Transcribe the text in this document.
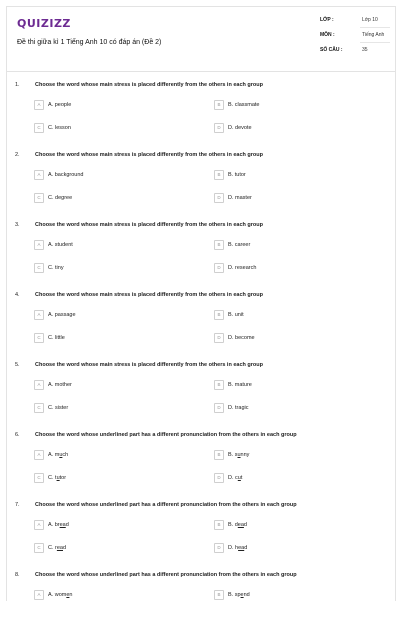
QUIZIZZ
Đề thi giữa kì 1 Tiếng Anh 10 có đáp án (Đề 2)
LỚP :	Lớp 10
MÔN :	Tiếng Anh
SỐ CÂU :	35
1.	Choose the word whose main stress is placed differently from the others in each group
A	A. people	B	B. classmate
C	C. lesson	D	D. devote
2.	Choose the word whose main stress is placed differently from the others in each group
A	A. background	B	B. tutor
C	C. degree	D	D. master
3.	Choose the word whose main stress is placed differently from the others in each group
A	A. student	B	B. career
C	C. tiny	D	D. research
4.	Choose the word whose main stress is placed differently from the others in each group
A	A. passage	B	B. unit
C	C. little	D	D. become
5.	Choose the word whose main stress is placed differently from the others in each group
A	A. mother	B	B. mature
C	C. sister	D	D. tragic
6.	Choose the word whose underlined part has a different pronunciation from the others in each group
A	A. much	B	B. sunny
C	C. tutor	D	D. cut
7.	Choose the word whose underlined part has a different pronunciation from the others in each group
A	A. bread	B	B. dead
C	C. read	D	D. head
8.	Choose the word whose underlined part has a different pronunciation from the others in each group
A	A. women	B	B. spend
